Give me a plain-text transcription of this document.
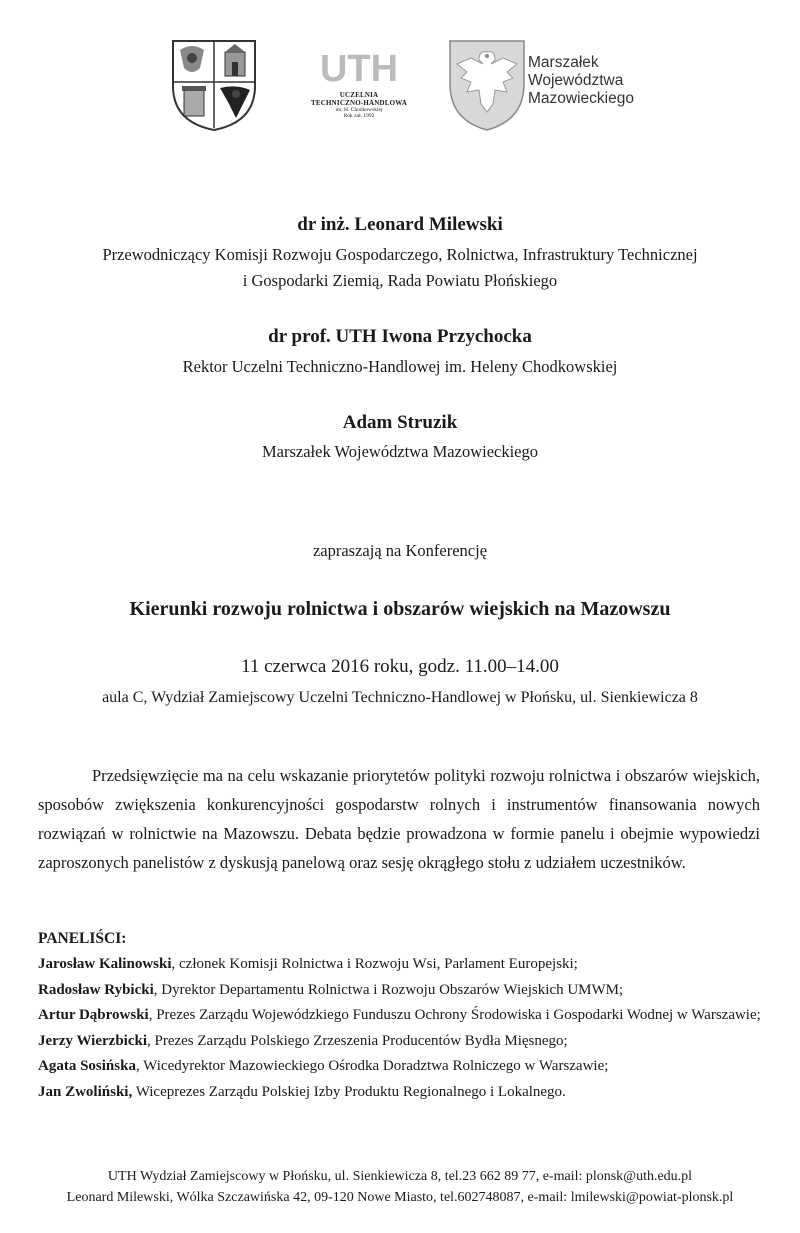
UTH
UCZELNIA
TECHNICZNO-HANDLOWA
im. H. Chodkowskiej
Rok zał. 1992
Marszałek
Województwa
Mazowieckiego
dr inż. Leonard Milewski
Przewodniczący Komisji Rozwoju Gospodarczego, Rolnictwa, Infrastruktury Technicznej
i Gospodarki Ziemią, Rada Powiatu Płońskiego
dr prof. UTH Iwona Przychocka
Rektor Uczelni Techniczno-Handlowej im. Heleny Chodkowskiej
Adam Struzik
Marszałek Województwa Mazowieckiego
zapraszają na Konferencję
Kierunki rozwoju rolnictwa i obszarów wiejskich na Mazowszu
11 czerwca 2016 roku, godz. 11.00–14.00
aula C, Wydział Zamiejscowy Uczelni Techniczno-Handlowej w Płońsku, ul. Sienkiewicza 8
Przedsięwzięcie ma na celu wskazanie priorytetów polityki rozwoju rolnictwa i obszarów wiejskich, sposobów zwiększenia konkurencyjności gospodarstw rolnych i instrumentów finansowania nowych rozwiązań w rolnictwie na Mazowszu. Debata będzie prowadzona w formie panelu i obejmie wypowiedzi zaproszonych panelistów z dyskusją panelową oraz sesję okrągłego stołu z udziałem uczestników.
PANELIŚCI:
Jarosław Kalinowski, członek Komisji Rolnictwa i Rozwoju Wsi, Parlament Europejski;
Radosław Rybicki, Dyrektor Departamentu Rolnictwa i Rozwoju Obszarów Wiejskich UMWM;
Artur Dąbrowski, Prezes Zarządu Wojewódzkiego Funduszu Ochrony Środowiska i Gospodarki Wodnej w Warszawie;
Jerzy Wierzbicki, Prezes Zarządu Polskiego Zrzeszenia Producentów Bydła Mięsnego;
Agata Sosińska, Wicedyrektor Mazowieckiego Ośrodka Doradztwa Rolniczego w Warszawie;
Jan Zwoliński, Wiceprezes Zarządu Polskiej Izby Produktu Regionalnego i Lokalnego.
UTH Wydział Zamiejscowy w Płońsku, ul. Sienkiewicza 8, tel.23 662 89 77, e-mail: plonsk@uth.edu.pl
Leonard Milewski, Wólka Szczawińska 42, 09-120 Nowe Miasto, tel.602748087, e-mail: lmilewski@powiat-plonsk.pl
